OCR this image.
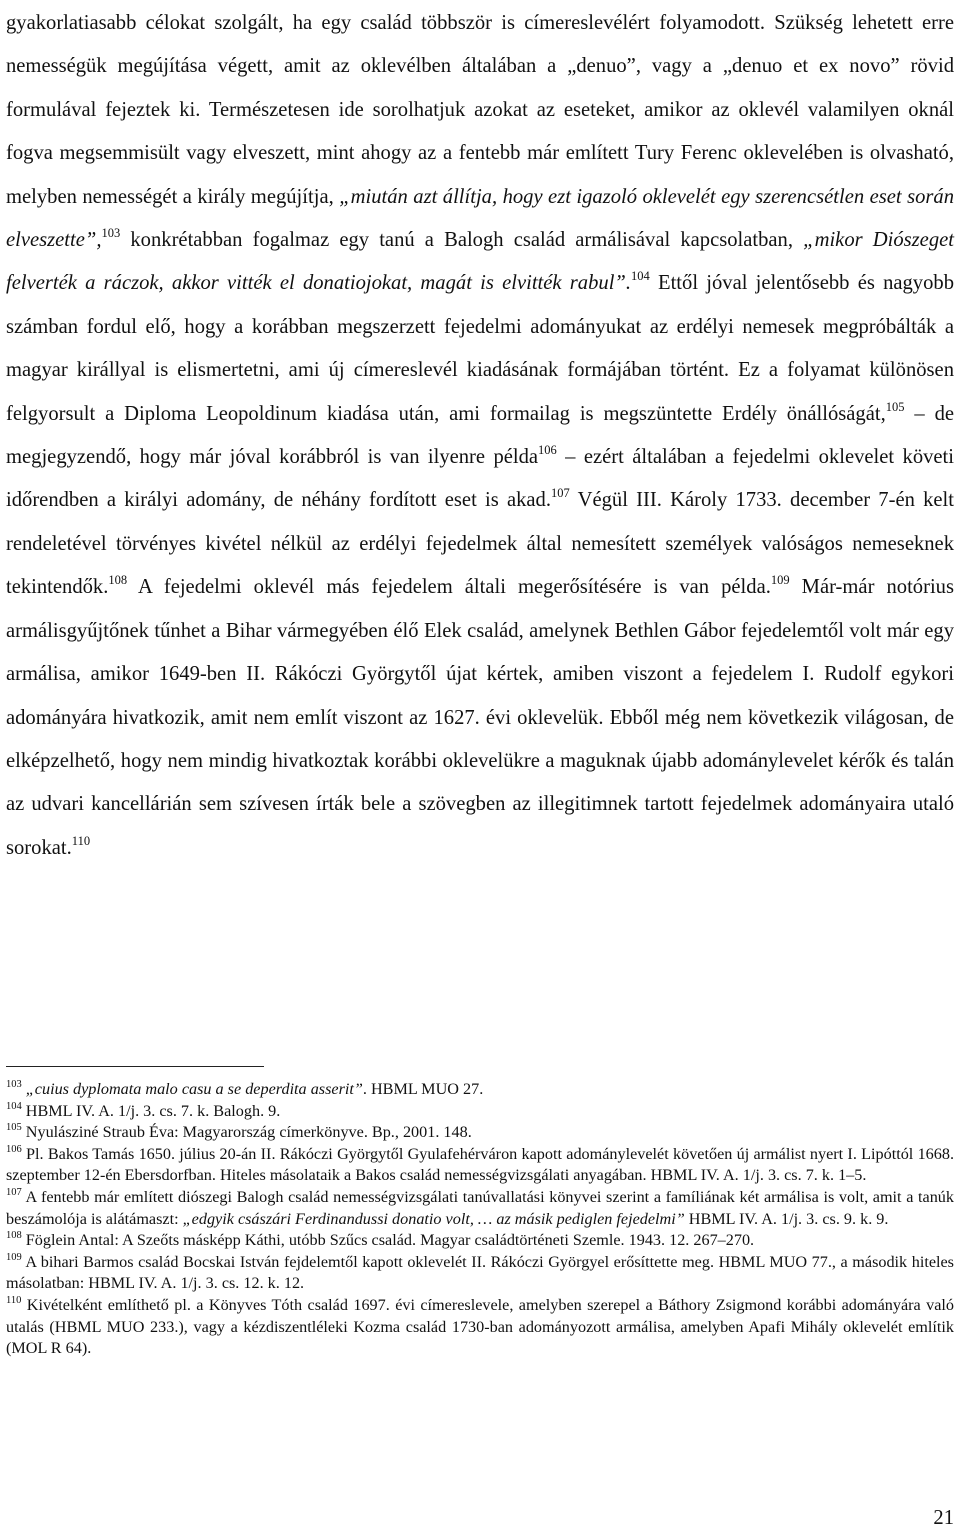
gyakorlatiasabb célokat szolgált, ha egy család többször is címereslevélért folyamodott. Szükség lehetett erre nemességük megújítása végett, amit az oklevélben általában a „denuo”, vagy a „denuo et ex novo” rövid formulával fejeztek ki. Természetesen ide sorolhatjuk azokat az eseteket, amikor az oklevél valamilyen oknál fogva megsemmisült vagy elveszett, mint ahogy az a fentebb már említett Tury Ferenc oklevelében is olvasható, melyben nemességét a király megújítja, „miután azt állítja, hogy ezt igazoló oklevelét egy szerencsétlen eset során elveszette”,$^{103}$ konkrétabban fogalmaz egy tanú a Balogh család armálisával kapcsolatban, „mikor Diószeget felverték a ráczok, akkor vitték el donatiojokat, magát is elvitték rabul”.$^{104}$ Ettől jóval jelentősebb és nagyobb számban fordul elő, hogy a korábban megszerzett fejedelmi adományukat az erdélyi nemesek megpróbálták a magyar királlyal is elismertetni, ami új címereslevél kiadásának formájában történt. Ez a folyamat különösen felgyorsult a Diploma Leopoldinum kiadása után, ami formailag is megszüntette Erdély önállóságát,$^{105}$ – de megjegyzendő, hogy már jóval korábbról is van ilyenre példa$^{106}$ – ezért általában a fejedelmi oklevelet követi időrendben a királyi adomány, de néhány fordított eset is akad.$^{107}$ Végül III. Károly 1733. december 7-én kelt rendeletével törvényes kivétel nélkül az erdélyi fejedelmek által nemesített személyek valóságos nemeseknek tekintendők.$^{108}$ A fejedelmi oklevél más fejedelem általi megerősítésére is van példa.$^{109}$ Már-már notórius armálisgyűjtőnek tűnhet a Bihar vármegyében élő Elek család, amelynek Bethlen Gábor fejedelemtől volt már egy armálisa, amikor 1649-ben II. Rákóczi Györgytől újat kértek, amiben viszont a fejedelem I. Rudolf egykori adományára hivatkozik, amit nem említ viszont az 1627. évi oklevelük. Ebből még nem következik világosan, de elképzelhető, hogy nem mindig hivatkoztak korábbi oklevelükre a maguknak újabb adománylevelet kérők és talán az udvari kancellárián sem szívesen írták bele a szövegben az illegitimnek tartott fejedelmek adományaira utaló sorokat.$^{110}$

$^{103}$ „cuius dyplomata malo casu a se deperdita asserit”. HBML MUO 27.

$^{104}$ HBML IV. A. 1/j. 3. cs. 7. k. Balogh. 9.

$^{105}$ Nyulásziné Straub Éva: Magyarország címerkönyve. Bp., 2001. 148.

$^{106}$ Pl. Bakos Tamás 1650. július 20-án II. Rákóczi Györgytől Gyulafehérváron kapott adománylevelét követően új armálist nyert I. Lipóttól 1668. szeptember 12-én Ebersdorfban. Hiteles másolataik a Bakos család nemességvizsgálati anyagában. HBML IV. A. 1/j. 3. cs. 7. k. 1–5.

$^{107}$ A fentebb már említett diószegi Balogh család nemességvizsgálati tanúvallatási könyvei szerint a famíliának két armálisa is volt, amit a tanúk beszámolója is alátámaszt: „edgyik császári Ferdinandussi donatio volt, … az másik pediglen fejedelmi” HBML IV. A. 1/j. 3. cs. 9. k. 9.

$^{108}$ Föglein Antal: A Szeőts másképp Káthi, utóbb Szűcs család. Magyar családtörténeti Szemle. 1943. 12. 267–270.

$^{109}$ A bihari Barmos család Bocskai István fejdelemtől kapott oklevelét II. Rákóczi Györgyel erősíttette meg. HBML MUO 77., a második hiteles másolatban: HBML IV. A. 1/j. 3. cs. 12. k. 12.

$^{110}$ Kivételként említhető pl. a Könyves Tóth család 1697. évi címereslevele, amelyben szerepel a Báthory Zsigmond korábbi adományára való utalás (HBML MUO 233.), vagy a kézdiszentléleki Kozma család 1730-ban adományozott armálisa, amelyben Apafi Mihály oklevelét említik (MOL R 64).

21
